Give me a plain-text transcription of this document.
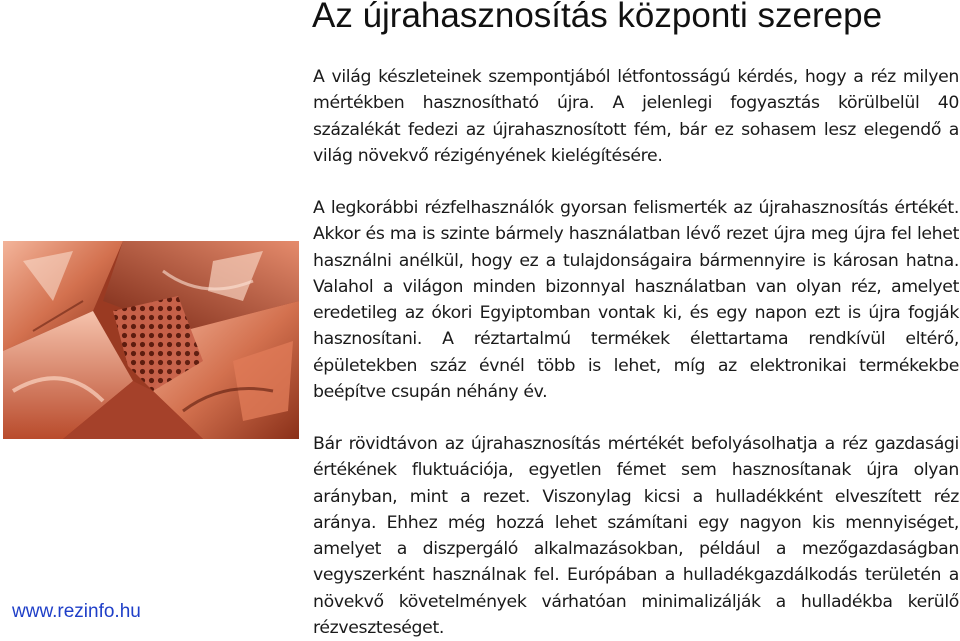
Az újrahasznosítás központi szerepe

A világ készleteinek szempontjából létfontosságú kérdés, hogy a réz milyen mértékben hasznosítható újra. A jelenlegi fogyasztás körülbelül 40 százalékát fedezi az újrahasznosított fém, bár ez sohasem lesz elegendő a világ növekvő rézigényének kielégítésére.

A legkorábbi rézfelhasználók gyorsan felismerték az újrahasznosítás értékét. Akkor és ma is szinte bármely használatban lévő rezet újra meg újra fel lehet használni anélkül, hogy ez a tulajdonságaira bármennyire is károsan hatna. Valahol a világon minden bizonnyal használatban van olyan réz, amelyet eredetileg az ókori Egyiptomban vontak ki, és egy napon ezt is újra fogják hasznosítani. A réztartalmú termékek élettartama rendkívül eltérő, épületekben száz évnél több is lehet, míg az elektronikai termékekbe beépítve csupán néhány év.

Bár rövidtávon az újrahasznosítás mértékét befolyásolhatja a réz gazdasági értékének fluktuációja, egyetlen fémet sem hasznosítanak újra olyan arányban, mint a rezet. Viszonylag kicsi a hulladékként elveszített réz aránya. Ehhez még hozzá lehet számítani egy nagyon kis mennyiséget, amelyet a diszpergáló alkalmazásokban, például a mezőgazdaságban vegyszerként használnak fel. Európában a hulladékgazdálkodás területén a növekvő követelmények várhatóan minimalizálják a hulladékba kerülő rézveszteséget.

www.rezinfo.hu
